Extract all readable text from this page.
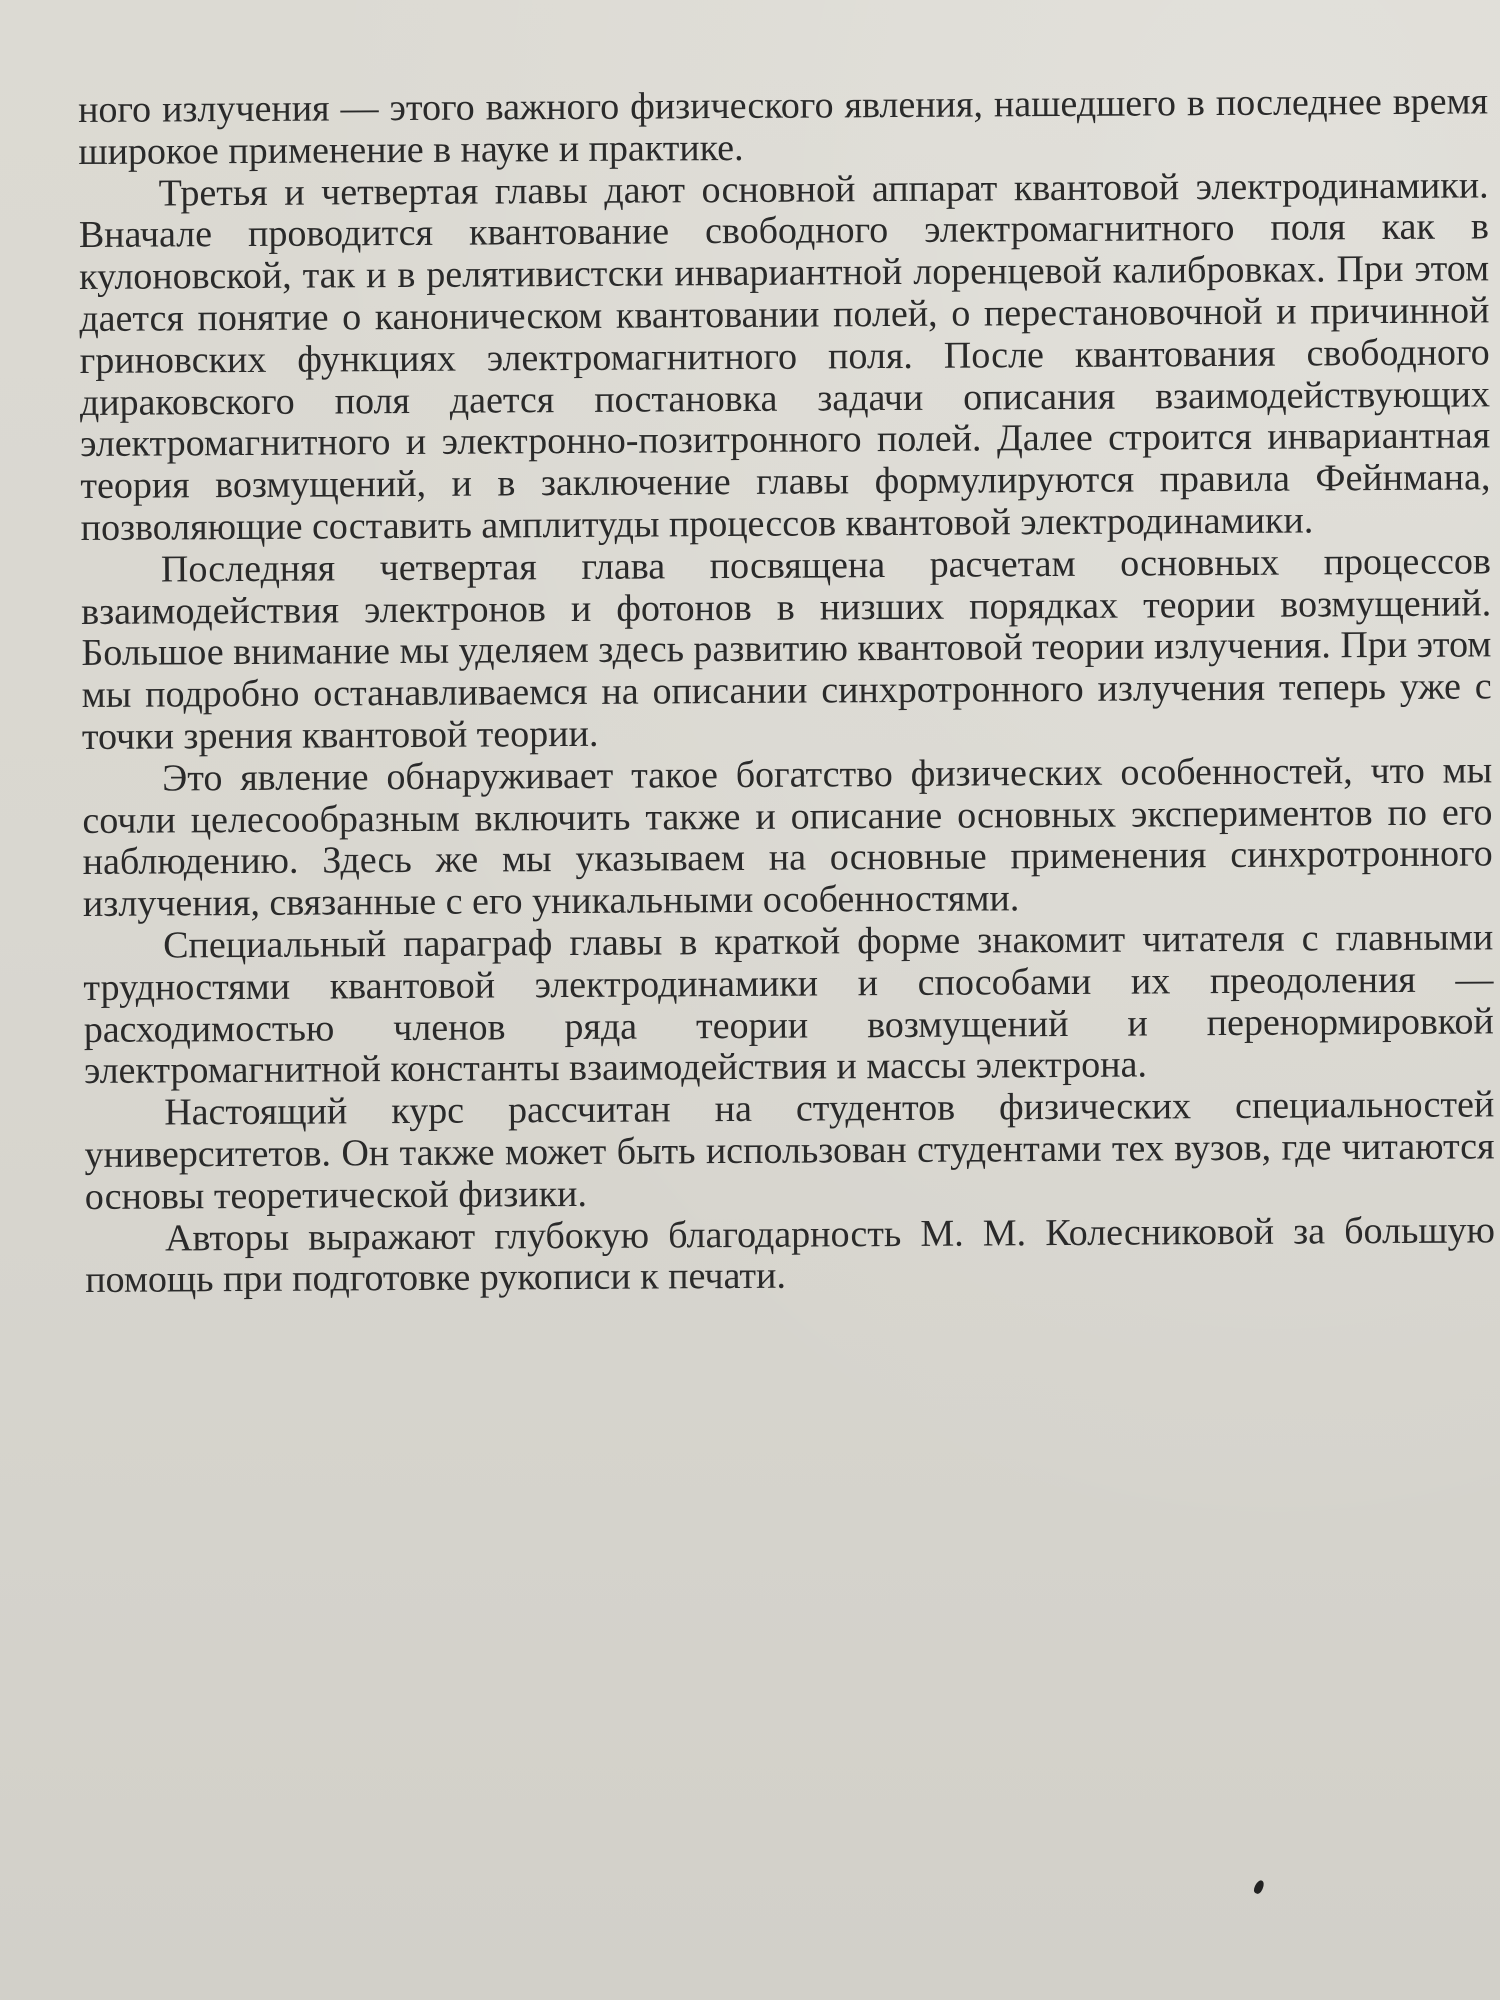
ного излучения — этого важного физического явления, нашедшего в последнее время широкое применение в науке и практике.

Третья и четвертая главы дают основной аппарат квантовой электродинамики. Вначале проводится квантование свободного электромагнитного поля как в кулоновской, так и в релятивистски инвариантной лоренцевой калибровках. При этом дается понятие о каноническом квантовании полей, о перестановочной и причинной гриновских функциях электромагнитного поля. После квантования свободного дираковского поля дается постановка задачи описания взаимодействующих электромагнитного и электронно-позитронного полей. Далее строится инвариантная теория возмущений, и в заключение главы формулируются правила Фейнмана, позволяющие составить амплитуды процессов квантовой электродинамики.

Последняя четвертая глава посвящена расчетам основных процессов взаимодействия электронов и фотонов в низших порядках теории возмущений. Большое внимание мы уделяем здесь развитию квантовой теории излучения. При этом мы подробно останавливаемся на описании синхротронного излучения теперь уже с точки зрения квантовой теории.

Это явление обнаруживает такое богатство физических особенностей, что мы сочли целесообразным включить также и описание основных экспериментов по его наблюдению. Здесь же мы указываем на основные применения синхротронного излучения, связанные с его уникальными особенностями.

Специальный параграф главы в краткой форме знакомит читателя с главными трудностями квантовой электродинамики и способами их преодоления — расходимостью членов ряда теории возмущений и перенормировкой электромагнитной константы взаимодействия и массы электрона.

Настоящий курс рассчитан на студентов физических специальностей университетов. Он также может быть использован студентами тех вузов, где читаются основы теоретической физики.

Авторы выражают глубокую благодарность М. М. Колесниковой за большую помощь при подготовке рукописи к печати.
